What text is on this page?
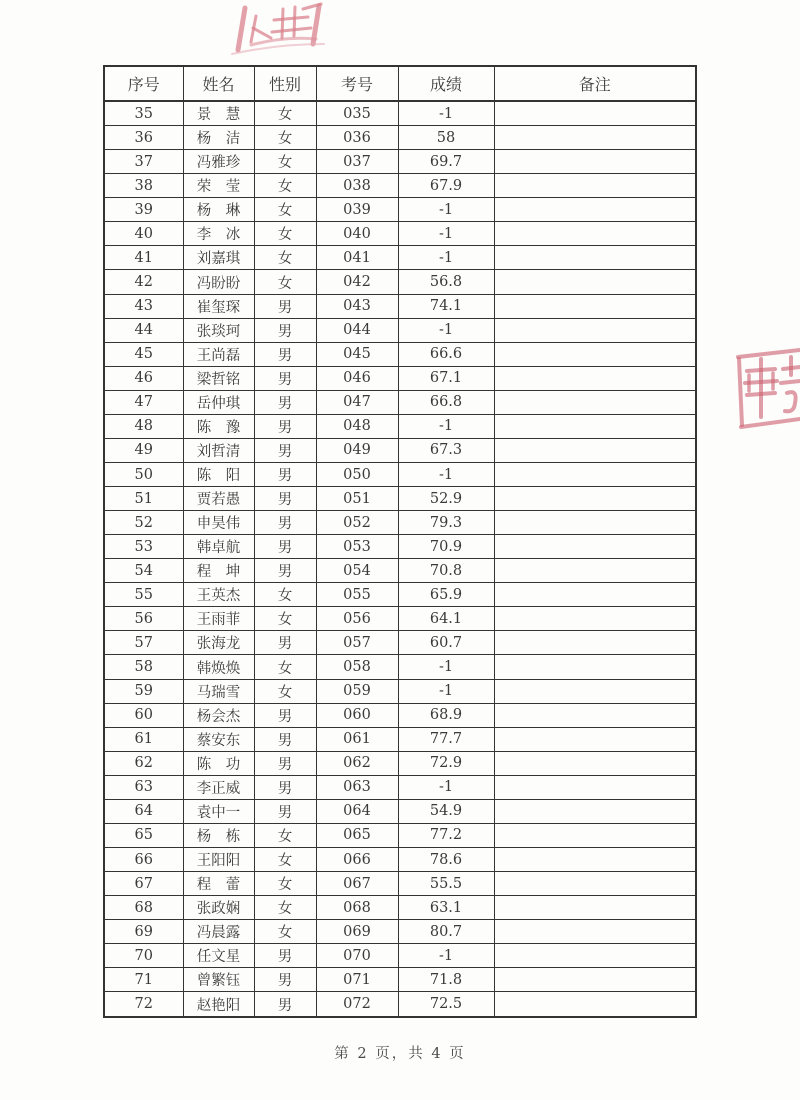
序号	姓名	性别	考号	成绩	备注
35	景　慧	女	035	-1	
36	杨　洁	女	036	58	
37	冯雅珍	女	037	69.7	
38	荣　莹	女	038	67.9	
39	杨　琳	女	039	-1	
40	李　冰	女	040	-1	
41	刘嘉琪	女	041	-1	
42	冯盼盼	女	042	56.8	
43	崔玺琛	男	043	74.1	
44	张琰珂	男	044	-1	
45	王尚磊	男	045	66.6	
46	梁哲铭	男	046	67.1	
47	岳仲琪	男	047	66.8	
48	陈　豫	男	048	-1	
49	刘哲清	男	049	67.3	
50	陈　阳	男	050	-1	
51	贾若愚	男	051	52.9	
52	申昊伟	男	052	79.3	
53	韩卓航	男	053	70.9	
54	程　坤	男	054	70.8	
55	王英杰	女	055	65.9	
56	王雨菲	女	056	64.1	
57	张海龙	男	057	60.7	
58	韩焕焕	女	058	-1	
59	马瑞雪	女	059	-1	
60	杨会杰	男	060	68.9	
61	蔡安东	男	061	77.7	
62	陈　功	男	062	72.9	
63	李正威	男	063	-1	
64	袁中一	男	064	54.9	
65	杨　栋	女	065	77.2	
66	王阳阳	女	066	78.6	
67	程　蕾	女	067	55.5	
68	张政娴	女	068	63.1	
69	冯晨露	女	069	80.7	
70	任文星	男	070	-1	
71	曾繁钰	男	071	71.8	
72	赵艳阳	男	072	72.5	
第 2 页，共 4 页
